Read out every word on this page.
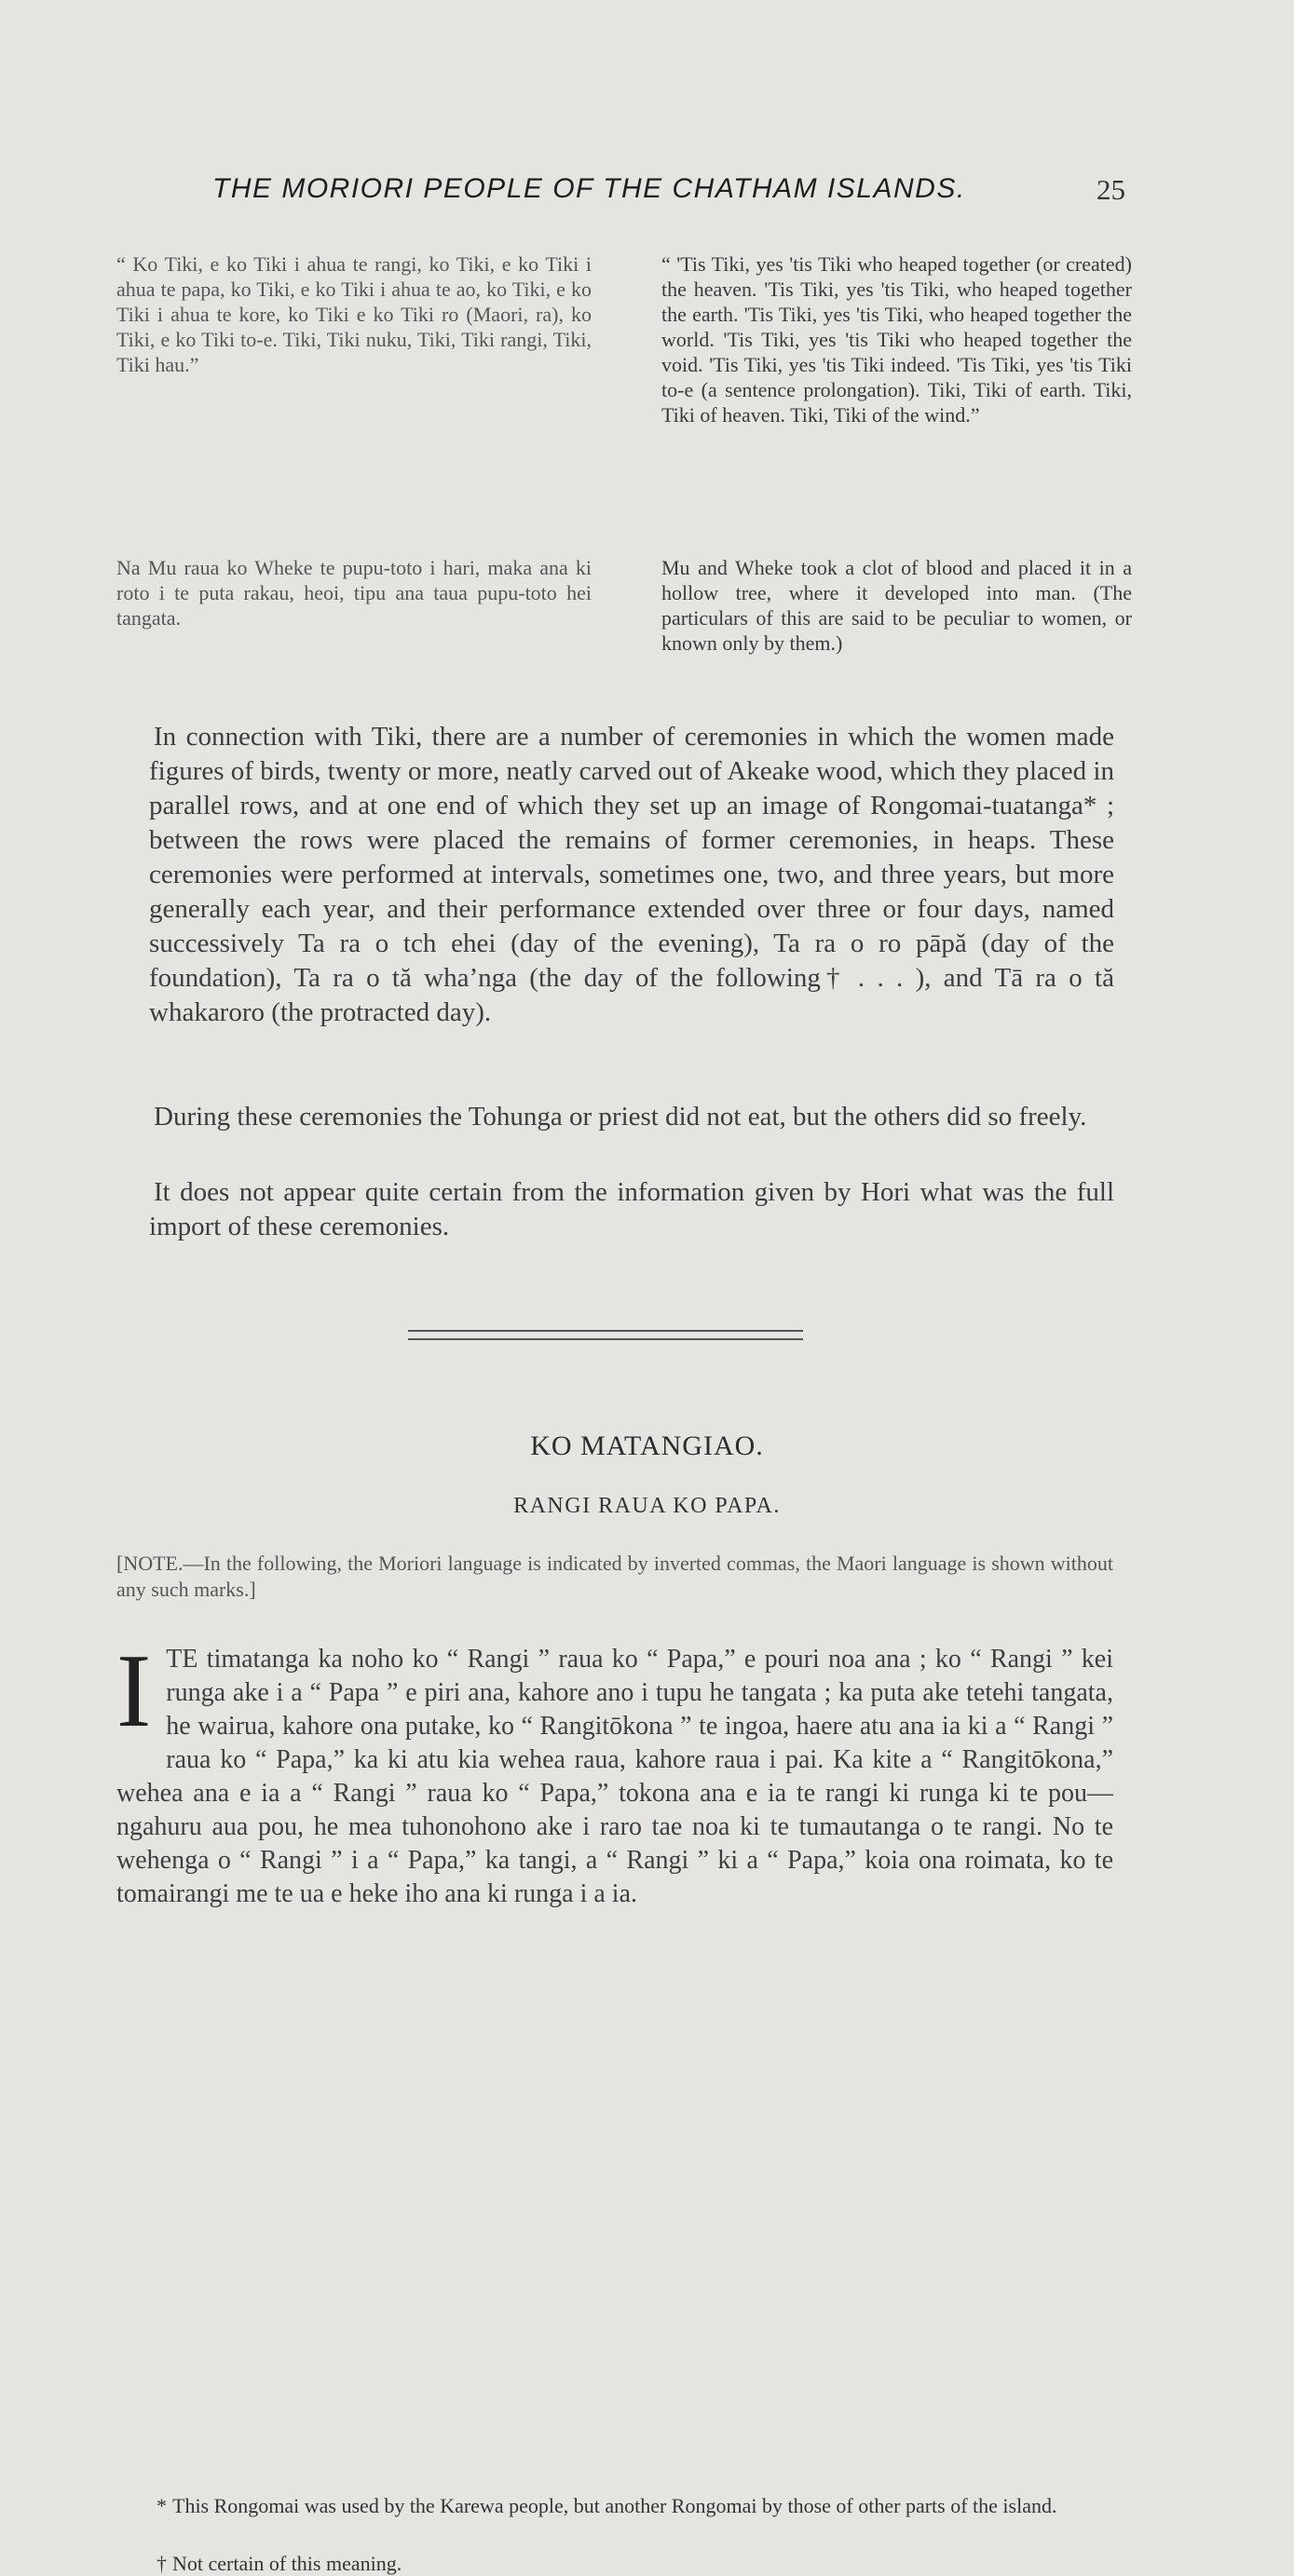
THE MORIORI PEOPLE OF THE CHATHAM ISLANDS.	25

“ Ko Tiki, e ko Tiki i ahua te rangi, ko Tiki, e ko Tiki i ahua te papa, ko Tiki, e ko Tiki i ahua te ao, ko Tiki, e ko Tiki i ahua te kore, ko Tiki e ko Tiki ro (Maori, ra), ko Tiki, e ko Tiki to-e. Tiki, Tiki nuku, Tiki, Tiki rangi, Tiki, Tiki hau.”

“ 'Tis Tiki, yes 'tis Tiki who heaped together (or created) the heaven. 'Tis Tiki, yes 'tis Tiki, who heaped together the earth. 'Tis Tiki, yes 'tis Tiki, who heaped together the world. 'Tis Tiki, yes 'tis Tiki who heaped together the void. 'Tis Tiki, yes 'tis Tiki indeed. 'Tis Tiki, yes 'tis Tiki to-e (a sentence prolongation). Tiki, Tiki of earth. Tiki, Tiki of heaven. Tiki, Tiki of the wind.”

Na Mu raua ko Wheke te pupu-toto i hari, maka ana ki roto i te puta rakau, heoi, tipu ana taua pupu-toto hei tangata.

Mu and Wheke took a clot of blood and placed it in a hollow tree, where it developed into man. (The particulars of this are said to be peculiar to women, or known only by them.)

In connection with Tiki, there are a number of ceremonies in which the women made figures of birds, twenty or more, neatly carved out of Akeake wood, which they placed in parallel rows, and at one end of which they set up an image of Rongomai-tuatanga* ; between the rows were placed the remains of former ceremonies, in heaps. These ceremonies were performed at intervals, sometimes one, two, and three years, but more generally each year, and their performance extended over three or four days, named successively Ta ra o tch ehei (day of the evening), Ta ra o ro pāpă (day of the foundation), Ta ra o tă whaʼnga (the day of the following† . . . ), and Tā ra o tă whakaroro (the protracted day).

During these ceremonies the Tohunga or priest did not eat, but the others did so freely.

It does not appear quite certain from the information given by Hori what was the full import of these ceremonies.

KO MATANGIAO.
RANGI RAUA KO PAPA.
[NOTE.—In the following, the Moriori language is indicated by inverted commas, the Maori language is shown without any such marks.]
I TE timatanga ka noho ko “ Rangi ” raua ko “ Papa,” e pouri noa ana ; ko “ Rangi ” kei runga ake i a “ Papa ” e piri ana, kahore ano i tupu he tangata ; ka puta ake tetehi tangata, he wairua, kahore ona putake, ko “ Rangitōkona ” te ingoa, haere atu ana ia ki a “ Rangi ” raua ko “ Papa,” ka ki atu kia wehea raua, kahore raua i pai. Ka kite a “ Rangitōkona,” wehea ana e ia a “ Rangi ” raua ko “ Papa,” tokona ana e ia te rangi ki runga ki te pou—ngahuru aua pou, he mea tuhonohono ake i raro tae noa ki te tumautanga o te rangi. No te wehenga o “ Rangi ” i a “ Papa,” ka tangi, a “ Rangi ” ki a “ Papa,” koia ona roimata, ko te tomairangi me te ua e heke iho ana ki runga i a ia.

* This Rongomai was used by the Karewa people, but another Rongomai by those of other parts of the island.

† Not certain of this meaning.
